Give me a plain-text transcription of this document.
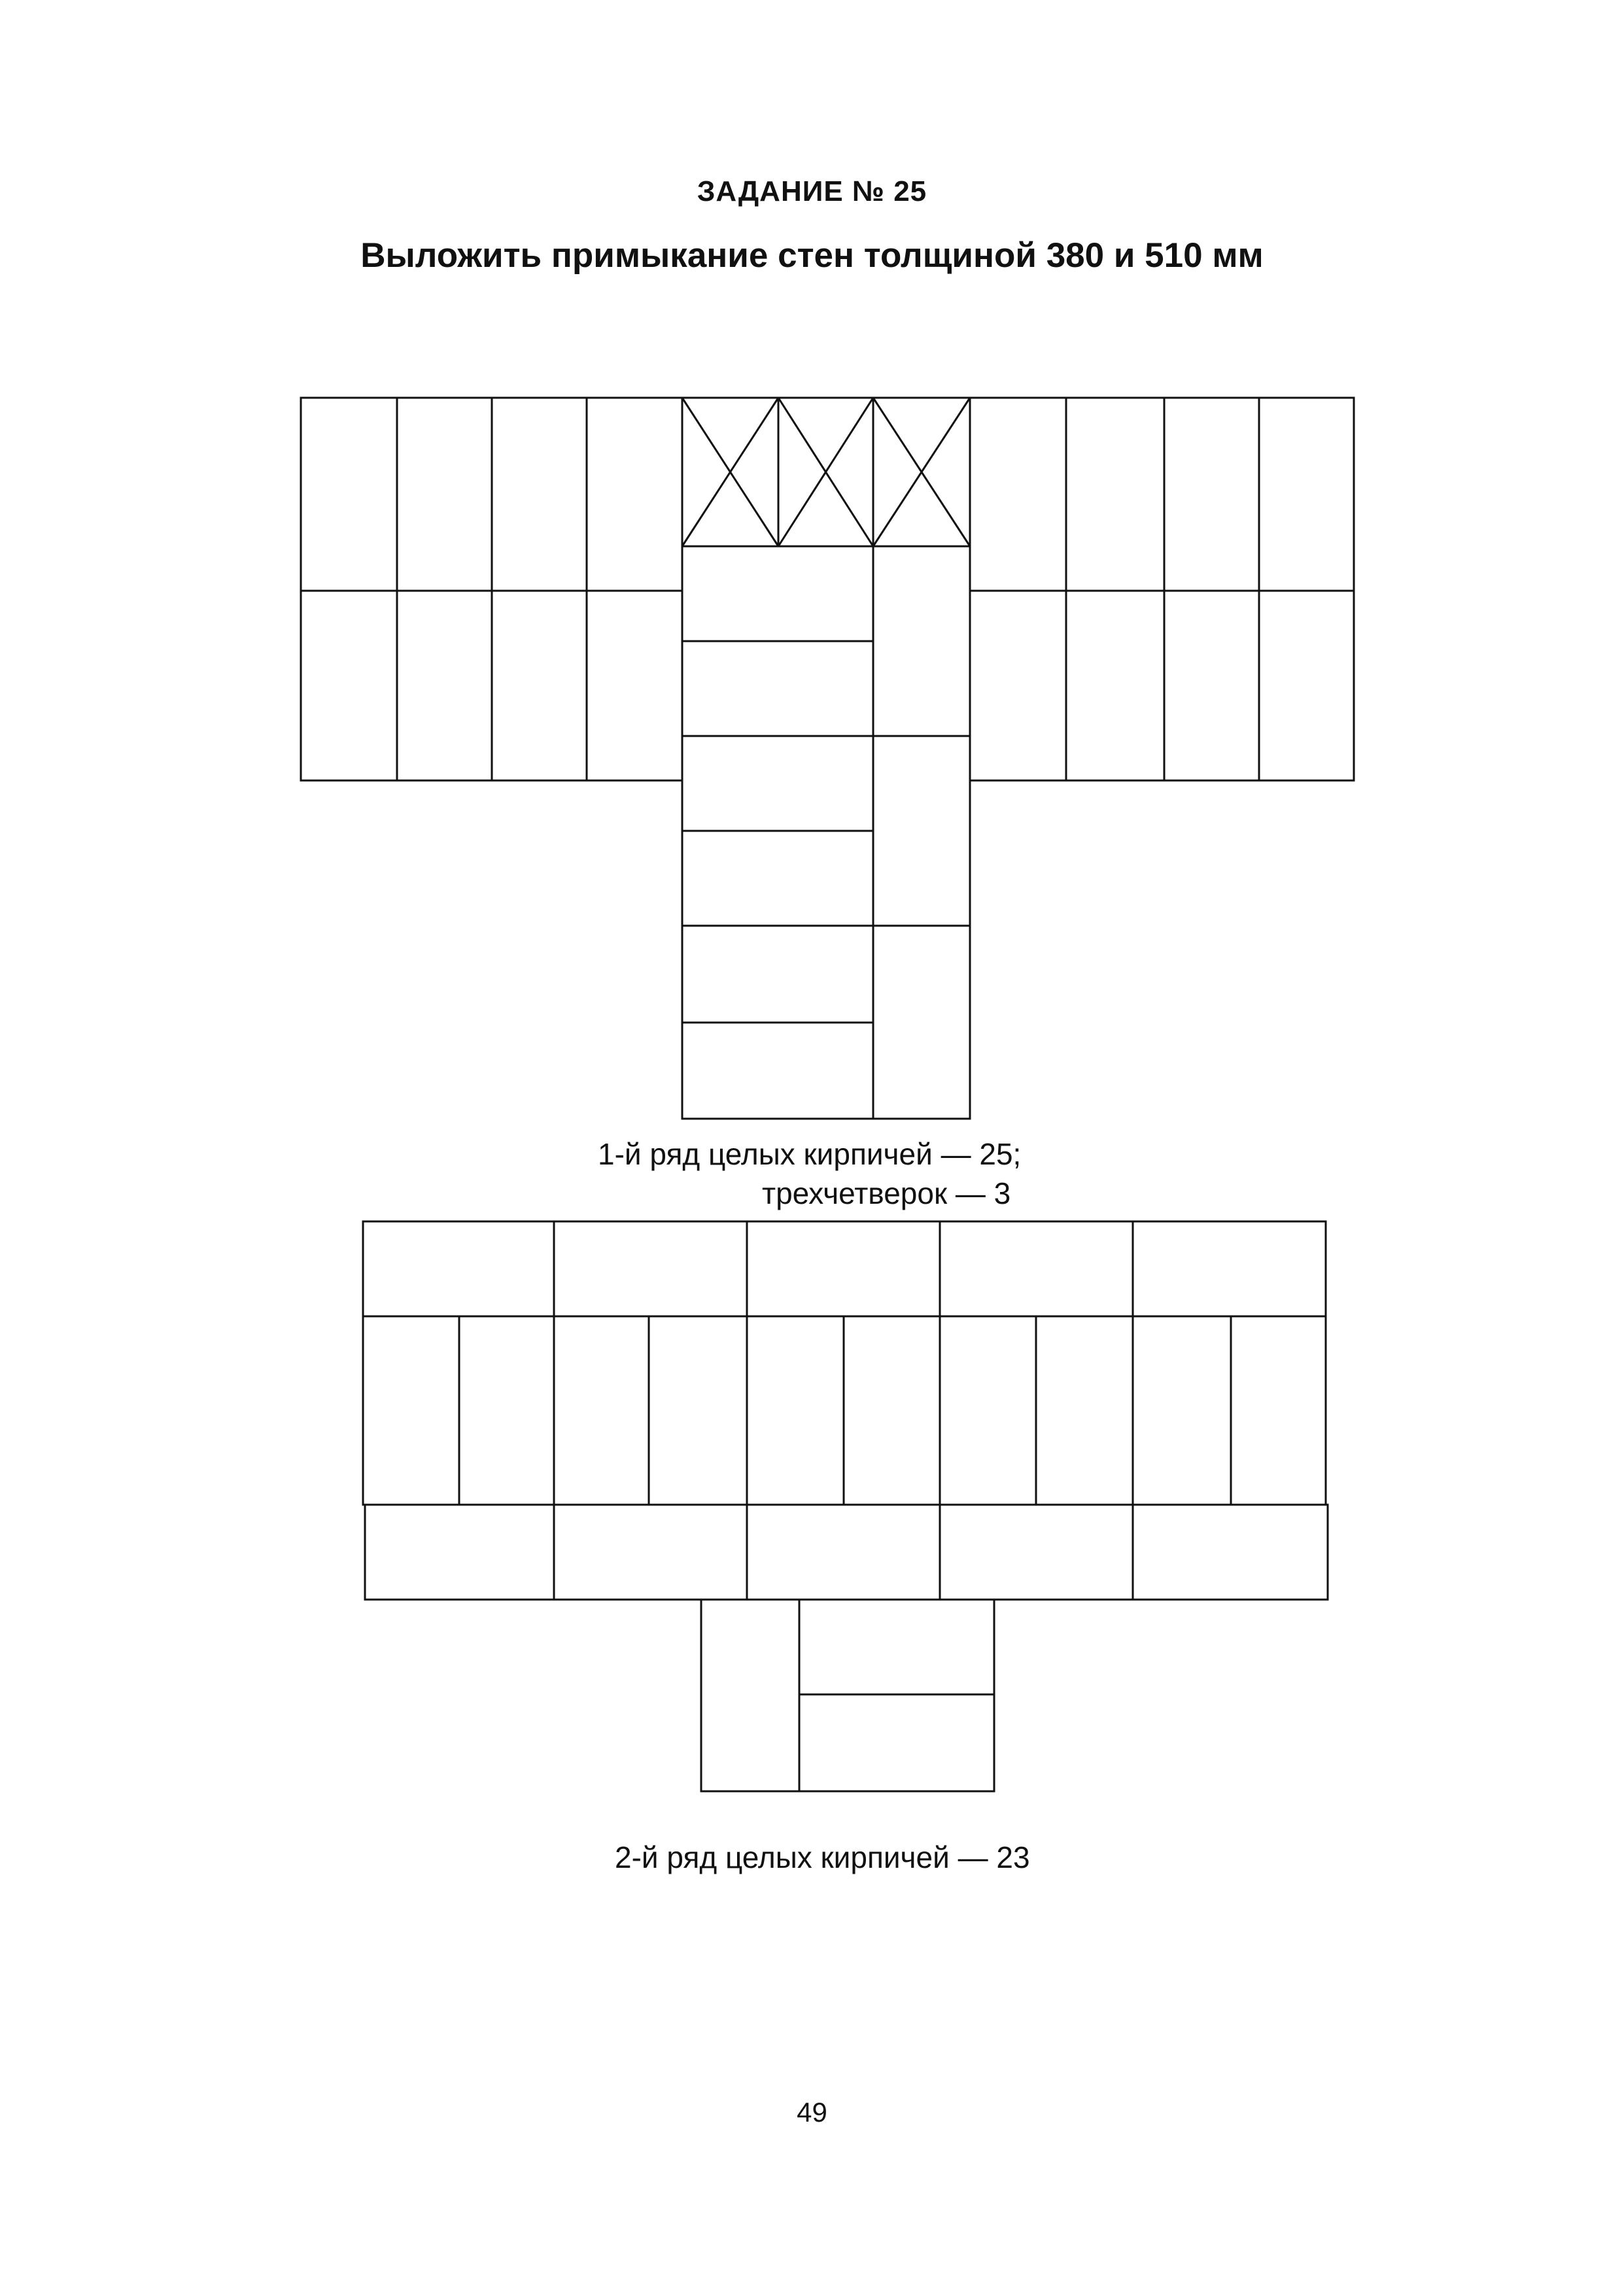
ЗАДАНИЕ № 25
Выложить примыкание стен толщиной 380 и 510 мм
1-й ряд целых кирпичей — 25;
трехчетверок — 3
2-й ряд целых кирпичей — 23
49
